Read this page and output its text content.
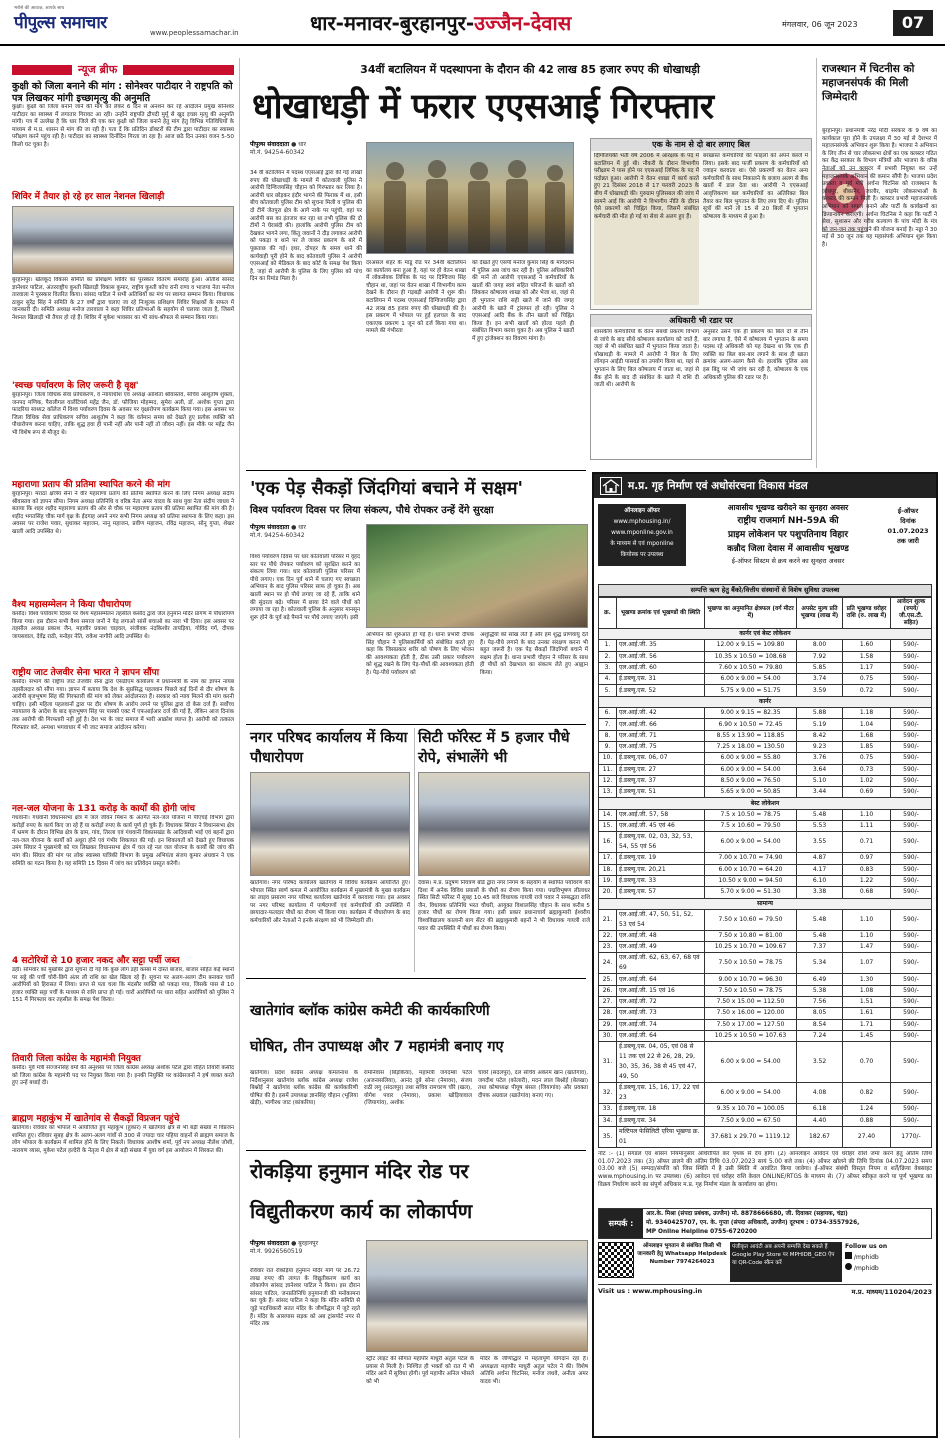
भरोसे की आवाज़, आपके साथ
पीपुल्स समाचार	www.peoplessamachar.in	धार-मनावर-बुरहानपुर-उज्जैन-देवास	मंगलवार, 06 जून 2023	07
न्यूज ब्रीफ
कुक्षी को जिला बनाने की मांग : सोनेश्वर पाटीदार ने राष्ट्रपति को पत्र लिखकर मांगी इच्छामृत्यु की अनुमति
कुक्षी। कुक्षी को जिला बनाने जाने की मांग को लेकर 6 दिन से अनशन कर रहे आंदोलन प्रमुख सोनेश्वर पाटीदार का स्वास्थ्य में लगातार गिरावट आ रही। उन्होंने राष्ट्रपति द्रौपदी मुर्मू से खुद इच्छा मृत्यु की अनुमति मांगी। पत्र में उल्लेख है कि धार जिले की एक कर कुक्षी को जिला बनाने हेतु मांग हेतु विभिन्न गतिविधियों के माध्यम से म.प्र. शासन से मांग की जा रही है। पता दें कि प्रतिदिन डॉक्टरों की टीम द्वारा पाटीदार का स्वास्थ्य परीक्षण करने पहुंच रही है। पाटीदार का स्वास्थ्य दिनोंदिन गिरता जा रहा है। आज छठे दिन उनका वजन 5-50 किलो घट चुका है।
शिविर में तैयार हो रहे हर साल नेशनल खिलाड़ी
बुरहानपुर। खेलकूद विकास समिति का प्रशिक्षण शिविर का पुरस्कार वितरण समारोह हुआ। अतिथि सांसद ज्ञानेश्वर पाटिल, अंतरराष्ट्रीय कुश्ती खिलाड़ी विकास कुमार, राष्ट्रीय कुश्ती कोच रानी राणा व भाजपा नेता मनोज तारवाला ने पुरस्कार वितरित किया। सांसद पाटिल ने सभी अतिथियों का मंच पर स्वागत सम्मान किया। विधायक ठाकुर सुरेंद्र सिंह ने समिति के 27 वर्षों द्वारा चलाए जा रहे निःशुल्क प्रशिक्षण शिविर शिक्षकों के सफल में जानकारी दी। समिति अध्यक्ष मनोज तारवाला ने कहा शिविर प्रतिभाओं के सहयोग से चलाया जाता है, जिसमें नेशनल खिलाड़ी भी तैयार हो रहे हैं। शिविर में मुकेश भावसार का भी सांध-श्रीफल से सम्मान किया गया।
'स्वच्छ पर्यावरण के लिए जरूरी है वृक्ष'
बुरहानपुर। जिला विधिक सेवा प्राधिकरण, व न्यायाधीश एवं अध्यक्ष आशिता श्रीवास्तव, सचिव आशुतोष शुक्ला, जनपद मणिक, पैरालीगल वालेंटियर्स महेंद्र जैन, डॉ. फौजिया मोहम्मद, सुमेरा अली, डॉ. अशोक गुप्ता द्वारा फादरिया साथ्य2 कॉलेज में विश्व पर्यावरण दिवस के अवसर पर वृक्षारोपण कार्यक्रम किया गया। इस अवसर पर जिला विधिक सेवा प्राधिकरण सचिव आशुतोष ने कहा कि वर्तमान समय को देखते हुए प्रत्येक व्यक्ति को पौधारोपण करना चाहिए, ताकि शुद्ध हवा ही पानी नहीं और पानी नहीं तो जीवन नहीं। इस मौके पर महेंद्र जैन भी विशेष रूप से मौजूद थे।
महाराणा प्रताप की प्रतिमा स्थापित करने की मांग
बुरहानपुर। मराठा क्षत्रिय सेना ने वीर महाराणा प्रताप की प्रतिमा स्थापित करने के लिए निगम अध्यक्ष संदीप श्रीवास्तव को ज्ञापन सौंपा। निगम अध्यक्ष प्रतिनिधि व वरिष्ठ नेता अमर यादव के साथ युवा नेता संदीप जाधव ने बताया कि शहर शहीद महाराणा प्रताप की ओर से चौक पर महाराणा प्रताप की प्रतिमा स्थापित की मांग की है। शहीद भगतसिंह चौक मार्ग वृक्ष के ईदगाह अपने नगर सभी निगम अध्यक्ष को प्रतिमा स्थापना के लिए कहा। इस अवसर पर राजेश पवार, सुधाकर महाजन, नानू महाजन, प्रवीण महाजन, रविंद्र महाजन, सोनू गुप्ता, शेखर खाली आदि उपस्थित थे।
वैश्य महासम्मेलन ने किया पौधारोपण
कसौद। विश्व पर्यावरण दिवस पर वैश्य महासम्मेलन तहसील कसौद द्वारा जेल हनुमान मंदिर प्रांगण में पौधारोपण किया गया। इस दौरान सभी वैश्य समाज जनों ने पेड़ लगाओ सांसें बचाओ का नारा भी दिया। इस अवसर पर तहसील अध्यक्ष प्रकाश जैन, महावीर प्रकाश चाइवल, संजीवक नंदकिशोर तापड़िया, गोविंद गर्ग, दीपक जायसवाल, देवेंद्र राठी, मनोहर नेति, राकेश नागौरी आदि उपस्थित थे।
राष्ट्रीय जाट तेजवीर सेना भारत ने ज्ञापन सौंपा
कसौद। संभाग की राष्ट्रीय जाट तेजवीर सेना द्वारा एसडीएम कार्यालय में प्रधानमंत्री के नाम का ज्ञापन नायब तहसीलदार को सौंपा गया। ज्ञापन में बताया कि देश के सुप्रसिद्ध पहलवान पिछले कई दिनों से दौर शोषण के आरोपी बृजभूषण सिंह की गिरफ्तारी की मांग को लेकर आंदोलनरत हैं। सरकार को न्याय मिलने की मांग करनी चाहिए। इसी महिला पहलवानों द्वारा पर दौर शोषण के आरोप लगने पर पुलिस द्वारा दो केस दर्ज हैं। सर्वोच्च न्यायालय के आदेश के बाद बृजभूषण सिंह पर पास्को एक्ट में एफआईआर दर्ज की गई है, लेकिन आज दिनांक तक आरोपी की गिरफ्तारी नहीं हुई है। देश भर के जाट समाज में भारी आक्रोश व्याप्त है। आरोपी को तत्काल गिरफ्तार करें, अन्यथा भगवाधार में भी जाट समाज आंदोलन करेगा।
नल-जल योजना के 131 करोड़ के कार्यों की होगी जांच
गंधवानी। गंधवानी विधानसभा क्षेत्र में जल जीवन मिशन के अंतर्गत नल-जल योजना में पीएचई विभाग द्वारा करोड़ों रुपए के कार्य किए जा रहे हैं या करोड़ों रुपए के कार्य पूर्ण हो चुके हैं। विधायक सिंघार ने विधानसभा क्षेत्र में भ्रमण के दौरान विभिन्न क्षेत्र के ग्राम, गांव, तिरला एवं गंधवानी विकासखंड के आदिवासी भाई एवं बहनों द्वारा नल-जल योजना के कार्यों को अधूरा होने एवं गंभीर शिकायत की गई। इन शिकायतों को देखते हुए विधायक उमंग सिंघार ने मुख्यमंत्री को पत्र लिखकर विधानसभा क्षेत्र में चल रहे नल जल योजना के कार्यों की जांच की मांग की। सिंघार की मांग पर लोक स्वास्थ्य यांत्रिकी विभाग के प्रमुख अभियंता संजय कुमार अंधवान ने एक समिति का गठन किया है। यह समिति 15 दिवस में जांच कर प्रतिवेदन प्रस्तुत करेगी।
4 सटोरियों से 10 हजार नकद और सट्टा पर्ची जब्त
डही। सोमवार को मुखबिर द्वारा सूचना दी गई कि कुछ लोग डही कस्बा में दोस्त बाजार, बाजार सहित कई स्थानों पर सट्टे की पर्ची चोरी-छिपे अंतर लौ राशि का खेल खिला रहे हैं। सूचना पर अलग-अलग टीम बनाकर चारों आरोपियों को हिरासत में लिया। प्राप्त से पता चला कि मंदसौर व्यक्ति को पकड़ा गया, जिसके पास से 10 हजार व्यक्ति सट्टा पर्ची के माध्यम से राशि प्राप्त हो गई। चारों आरोपियों पर धारा सहित आरोपियों को पुलिस ने 151 में गिरफ्तार कर तहसील के समक्ष पेश किया।
तिवारी जिला कांग्रेस के महामंत्री नियुक्त
कसौद। पूर्व मंत्री सज्जनसिंह वर्मा की अनुशंसा पर जिला कांग्रेस अध्यक्ष अशोक पटेल द्वारा रोहित तिवारी कसौद को जिला कांग्रेस के महामंत्री पद पर नियुक्त किया गया है। इनकी नियुक्ति पर कांग्रेसजनों ने हर्ष व्यक्त करते हुए उन्हें बधाई दी।
ब्राह्मण महाकुंभ में खातेगांव से सैकड़ों विप्रजन पहुंचे
खातेगांव। रविवार को भोपाल में आयोजित हुए महाकुंभ (हुंकार) में खातेगांव क्षेत्र से भी बड़ी संख्या में विप्रजन शामिल हुए। रविवार सुबह क्षेत्र के अलग-अलग गांवों से 300 से ज्यादा चार पहिया वाहनों से ब्राह्मण समाज के लोग भोपाल के कार्यक्रम में शामिल होने के लिए निकले। विधायक आशीष शर्मा, पूर्व नप अध्यक्ष नीलेश जोशी, नारायण व्यास, मुकेश पटेल हल्देरी के नेतृत्व में क्षेत्र से बड़ी संख्या में युवा वर्ग इस आयोजन में शिरकत की।
34वीं बटालियन में पदस्थापना के दौरान की 42 लाख 85 हजार रुपए की धोखाधड़ी
धोखाधड़ी में फरार एएसआई गिरफ्तार
पीपुल्स संवाददाता ● धार
मो.नं. 94254-60342
34 वीं बटालियन में पदस्थ एएसआई द्वारा की गई लाखों रुपए की धोखाधड़ी के मामले में कोतवाली पुलिस ने आरोपी दिग्विजयसिंह चौहान को गिरफ्तार कर लिया है। आरोपी धार छोड़कर इंदौर भागने की फिराक में था, इसी बीच कोतवाली पुलिस टीम को सूचना मिली व पुलिस की दो टीमें जेतपुरा क्षेत्र के आगे नाके पर पहुंची, वहां पर आरोपी बस का इंतजार कर रहा था तभी पुलिस की दो टीमों ने घेराबंदी की। हालांकि आरोपी पुलिस टीम को देखकर भागने लगा, किंतु जवानों ने दौड़ लगाकर आरोपी को पकड़ा व थाने पर ले जाकर प्रकरण के बारे में पूछताछ की गई। इधर, दोपहर के समय थाने की कार्यवाही पूरी होने के बाद कोतवाली पुलिस ने आरोपी एएसआई को मेडिकल के बाद कोर्ट के समक्ष पेश किया है, जहां से आरोपी के पुलिस के लिए पुलिस को पांच दिन का रिमांड मिला है।
दरअसल शहर के मांडू रोड पर 34वीं बटालियन का कार्यालय बना हुआ है, यहां पर हो वेतन शाखा में लोकसेवक लिपिक के पद पर दिग्विजय सिंह चौहान था, जहां पर वेतन शाखा में विभागीय काम देखने के दौरान ही गड़बड़ी आरोपी ने शुरू की। बटालियन में पदस्थ एएसआई दिग्विजयसिंह द्वारा 42 लाख 85 हजार रुपए की धोखाधड़ी की है। इस प्रकरण में भोपाल पर हुई हलचल के बाद एकाएक प्रकरण 1 जून को दर्ज किया गया था। मामले की गंभीरता
को देखते हुए एसपी मनोज कुमार सिंह के मार्गदर्शन में पुलिस अब जांच कर रही है। पुलिस अधिकारियों की मानें तो आरोपी एएसआई ने कर्मचारियों के खातों की जगह स्वयं सहित परिजनों के खातों को लिंककर कोषालय शाखा को और भेजा था, जहां से ही भुगतान राशि सही खाते में जाने की जगह आरोपी के खाते में ट्रांसफर हो रही। पुलिस ने एएसआई आदि बैंक के तीन खातों को चिह्नित किया है। इन सभी खातों को होल्ड पहले ही संबंधित विभाग करवा चुका है। अब पुलिस ने खातों में हुए ट्रांजेक्शन का विवरण मांगा है।
एक के नाम से दो बार लगाए बिल
दिग्विजयकी भर्ती वर्ष 2006 में आरक्षक के पद में बटालियन में हुई थी। नौकरी के दौरान विभागीय परीक्षाम ने पास होने पर एएसआई लिपिक के पद में पदोन्नत हुआ। आरोपी ने वेतन शाखा में कार्य करते हुए 21 दिसंबर 2018 से 17 फरवरी 2023 के बीच में धोखाधड़ी की। गुरुग्राम पुलिसबल की जांच में सामने आई कि आरोपी ने विभागीय नीति के दौरान ऐसे प्रकरणों को चिह्नित किया, जिसमें संबंधित कर्मचारी की मौत हो गई या सेवा से अलग हुए हैं।
बरखास्त कर्मचारियों की फाइलों को अपने कब्जे में लिया। इसके बाद फर्जी प्रकरण के कर्मचारियों को ज्वाइन करवाता था। ऐसे प्रकरणों का वेतन अन्य कर्मचारियों के साथ निकालने के बजाय अलग से बैंक खातों में डाल देता था। आरोपी ने एएसआई आवृत्तिकरण बल कर्मचारियों का अतिरिक्त बिल तैयार कर बिल भुगतान के लिए लगा दिए थे। पुलिस सूत्रों की मानें तो 15 से 20 बिलों में भुगतान कोषालय के माध्यम से हुआ है।
अधिकारी भी रडार पर
शासकीय कर्मचारियों के वेतन संबंधी प्रकरण विभाग से जांचे के बाद सीधे कोषालय कार्यालय को जाते हैं, जहां से भी संबंधित खाते में भुगतान किया जाता है। धोखाधड़ी के मामले में आरोपी ने बिल के लिए लॉगइन आईडी पासवर्ड का उपयोग किया था, यहां से भुगतान के लिए बिल कोषालय में जाता था, जहां से बैंक होने के बाद दी संबंधित के खाते में राशि दी जाती थी। आरोपी के
अनुसार उसने एक ही प्रकरण का बिल दो से तीन बार लगाया है, ऐसे में कोषालय में भुगतान के समय पदस्थ रहे अधिकारी को यह देखना था कि एक ही व्यक्ति का बिल बार-बार लगाने के साथ ही खाता क्रमांक अलग-अलग कैसे थे। हालांकि पुलिस अब इस बिंदु पर भी जांच कर रही है, कोषालय के एक अधिकारी पुलिस की रडार पर हैं।
राजस्थान में चिटनीस को महाजनसंपर्क की मिली जिम्मेदारी
बुरहानपुर। प्रधानमंत्री नरेंद्र मोदी सरकार के 9 वर्ष का कार्यकाल पूरा होने के उपलक्ष्य में 30 मई से देशभर में महाजनसंपर्क अभियान शुरू किया है। भाजपा ने अभियान के लिए तीन से चार लोकसभा क्षेत्रों का एक क्लस्टर गठित कर केंद्र सरकार के विभाग मंत्रियों और भाजपा के वरिष्ठ नेताओं को उन क्लस्टर में प्रभारी नियुक्त कर उन्हें महाजनसंपर्क अभियान की कमान सौंपी है। भाजपा प्रदेश प्रवक्ता व पूर्व मंत्री अर्चना चिटनिस को राजस्थान के जोधपुर, बीकानेर, जालौर, बाड़मेर लोकसभाओं के क्लस्टर की कमान मिली है। क्लस्टर प्रभारी महाजनसंपर्क अभियान को सफल बनाने और पार्टी के कार्यक्रमों का क्रियान्वयन कराएंगी। अर्चना चिटनिस ने कहा कि पार्टी ने सेवा, सुशासन और गरीब कल्याण के पांच मोदी के मंत्र को जन-जन तक पहुंचाने की योजना बनाई है। नड्डा ने 30 मई से 30 जून तक यह महासंपर्क अभियान शुरू किया है।
'एक पेड़ सैकड़ों जिंदगियां बचाने में सक्षम'
विश्व पर्यावरण दिवस पर लिया संकल्प, पौधे रोपकर उन्हें देंगे सुरक्षा
पीपुल्स संवाददाता ● धार
मो.नं. 94254-60342
विश्व पर्यावरण दिवस पर धार कोतवाली परिसर में वृहद स्तर पर पौधे रोपकर पर्यावरण को सुरक्षित करने का संकल्प लिया गया। धार कोतवाली पुलिस परिसर में पौधे लगाए। एक दिन पूर्व थाने में चलाए गए स्वच्छता अभियान के बाद पुलिस परिसर साफ हो चुका है। अब खाली स्थान पर हो पौधे लगाए जा रहे हैं, ताकि थाने की सुंदरता बढ़े। परिसर में छाया देने वाले पौधों को लगाया जा रहा है। कोतवाली पुलिस के अनुसार मानसून शुरू होने के पूर्व बड़े पैमाने पर पौधे लगाए जाएंगे। इसी
अभियान की शुरुआत हो गई है। धाना प्रभारी दीपक सिंह चौहान ने पुलिसकर्मियों को संबोधित करते हुए कहा कि जिसप्रकार शरीर को पोषण के लिए भोजन की आवश्यकता होती है, ठीक उसी प्रकार पर्यावरण को शुद्ध रखने के लिए पेड़-पौधों की आवश्यकता होती है। पेड़-पौधे पर्यावरण को
अशुद्धियों को सोख लेते हैं और हमें शुद्ध प्राणवायु देते हैं। पेड़-पौधे लगाने के बाद उनका संरक्षण करना भी बहुत जरूरी है। एक पेड़ सैकड़ों जिंदगियों बचाने में सक्षम होता है। धाना प्रभारी चौहान ने परिसर के साथ ही पौधों को देखभाल का संकल्प लेते हुए आह्वान किया।
नगर परिषद कार्यालय में किया पौधारोपण
खातेगांव। नगर परिषद कार्यालय खातेगांव में विविध कार्यक्रम आयोजित हुए। भोपाल स्थित स्वर्ण कमल में आयोजित कार्यक्रम में मुख्यमंत्री के मुख्य कार्यक्रम का लाइव प्रसारण नगर परिषद कार्यालय खातेगांव में करवाया गया। इस अवसर पर नगर परिषद कार्यालय में पार्षदगणों एवं कर्मचारियों की उपस्थिति में छायादार-फलदार पौधों का रोपण भी किया गया। कार्यक्रम में पौधारोपण के बाद कर्मचारियों और नेताओं ने इनके संरक्षण को भी जिम्मेदारी ली।
सिटी फॉरेस्ट में 5 हजार पौधे रोपे, संभालेंगे भी
देवास। म.प्र. प्रदूषण नियंत्रण बोर्ड द्वारा नगर निगम के सहयोग से स्थापित पर्यावरण की दिशा में अनेक विविध प्रयासों के पौधों का रोपण किया गया। पद्मविभूषण लीलाधर स्थित सिटी फॉरेस्ट में सुबह 10.45 बजे विधायक गायत्री राजे पवार ने सम्बद्धता राशि जैन, विधायक प्रतिनिधि भरत चौधरी, आयुक्त विशालसिंह चौहान के साथ करीब 5 हजार पौधों का रोपण किया गया। इसी प्रकार प्रधानाचार्य ब्रह्माकुमारी ईश्वरीय विश्वविद्यालय कालानी बाग सेंटर की ब्रह्माकुमारी बहनों ने भी विधायक गायत्री राजे पवार की उपस्थिति में पौधों का रोपण किया।
खातेगांव ब्लॉक कांग्रेस कमेटी की कार्यकारिणी
घोषित, तीन उपाध्यक्ष और 7 महामंत्री बनाए गए
खातेगांव। प्रदेश कांग्रेस अध्यक्ष कमलनाथ के निर्देशानुसार खातेगांव ब्लॉक कांग्रेस अध्यक्ष राजेश बिश्नोई ने खातेगांव ब्लॉक कांग्रेस की कार्यकारिणी घोषित की है। इसमें उपाध्यक्ष ज्ञानसिंह चौहान (भूलिया खेड़ी), भागीरथ जाट (कांकरिया)
रामनिवास (बिड़किया), महामंत्री जगदम्बा पटेल (अजनासलिया), आनंद दुबे सोना (नेमावर), संजय राठी लगु (संदलपुर) तथा सचिव रामचरण चौरे (खल), योगेश पवार (नेमावर), प्रकाश खोड़ियावाल (जियागांव), अशोक
चावरे (संदलपुर), दल सचिव अकरम खान (खातेगांव), जगदीश पटेल (कोलारी), मदन लाल बिश्नोई (बेलखा) तथा कोषाध्यक्ष पीयूष बंसल (जियागांव) और प्रवक्ता दीपक अग्रवाल (खातेगांव) बनाए गए।
रोकड़िया हनुमान मंदिर रोड पर
विद्युतीकरण कार्य का लोकार्पण
पीपुल्स संवाददाता ● बुरहानपुर
मो.नं. 9926560519
रविवार रात रोकड़िया हनुमान मंदिर मार्ग पर 26.72 लाख रुपए की लागत के विद्युतीकरण कार्य का लोकार्पण सांसद ज्ञानेश्वर पाटिल ने किया। इस दौरान सांसद पाटिल, जनप्रतिनिधि हनुमानजी की मनोकामना कर चुके हैं। सांसद पाटिल ने कहा कि मंदिर समिति से जुड़े पदाधिकारी सतत मंदिर के जीर्णोद्धार में जुटे रहते हैं। मंदिर के आसपास सड़क को अब ट्रांसपोर्ट नगर से मंदिर तक
स्ट्रीट लाइट की सौगात महापौर माधुरी अतुल पटेल के प्रयास से मिली है। निश्चित ही भक्तों को रात में भी मंदिर आने में सुविधा होगी। पूर्व महापौर अनिल भोसले को भी
मंदिर के जीर्णोद्धार में महत्वपूर्ण योगदान रहा है। अध्यक्षता महापौर माधुरी अतुल पटेल ने की। विशेष अतिथि अर्चना चिटनिस, मनोज लधवे, अनीता अमर यादव भी।
म.प्र. गृह निर्माण एवं अधोसंरचना विकास मंडल
ऑनलाइन ऑफर
www.mphousing.in/
www.mponline.gov.in
के माध्यम से एवं mponline
कियोस्क पर उपलब्ध
आवासीय भूखण्ड खरीदने का सुनहरा अवसर
राष्ट्रीय राजमार्ग NH-59A की
प्राइम लोकेशन पर पशुपतिनाथ विहार
कन्नौद जिला देवास में आवासीय भूखण्ड
ई-ऑफर सिस्टम से क्रय करने का सुनहरा अवसर
ई-ऑफर
दिनांक
01.07.2023
तक जारी
सम्पत्ति ऋण हेतु बैंको/वित्तीय संस्थानों से विशेष सुविधा उपलब्ध
क्र.	भूखण्ड क्रमांक एवं भूखण्डों की स्थिति	भूखण्ड का अनुमानित क्षेत्रफल (वर्ग मीटर में)	अपसेट मूल्य प्रति भूखण्ड (लाख में)	प्रति भूखण्ड धरोहर राशि (रु. लाख में)	आवेदन शुल्क (रुपये/ जी.एस.टी. सहित)
कार्नर एवं बेस्ट लोकेशन					
1.	एल.आई.जी. 35	12.00 x 9.15 = 109.80	8.00	1.60	590/-
2.	एल.आई.जी. 56	10.35 x 10.50 = 108.68	7.92	1.58	590/-
3.	एल.आई.जी. 60	7.60 x 10.50 = 79.80	5.85	1.17	590/-
4.	ई.डब्ल्यू.एस. 31	6.00 x 9.00 = 54.00	3.74	0.75	590/-
5.	ई.डब्ल्यू.एस. 52	5.75 x 9.00 = 51.75	3.59	0.72	590/-
कार्नर					
6.	एल.आई.जी. 42	9.00 x 9.15 = 82.35	5.88	1.18	590/-
7.	एल.आई.जी. 66	6.90 x 10.50 = 72.45	5.19	1.04	590/-
8.	एल.आई.जी. 71	8.55 x 13.90 = 118.85	8.42	1.68	590/-
9.	एल.आई.जी. 75	7.25 x 18.00 = 130.50	9.23	1.85	590/-
10.	ई.डब्ल्यू.एस. 06, 07	6.00 x 9.00 = 55.80	3.76	0.75	590/-
11.	ई.डब्ल्यू.एस. 27	6.00 x 9.00 = 54.00	3.64	0.73	590/-
12.	ई.डब्ल्यू.एस. 37	8.50 x 9.00 = 76.50	5.10	1.02	590/-
13.	ई.डब्ल्यू.एस. 51	5.65 x 9.00 = 50.85	3.44	0.69	590/-
बेस्ट लोकेशन					
14.	एल.आई.जी. 57, 58	7.5 x 10.50 = 78.75	5.48	1.10	590/-
15.	एल.आई.जी. 45 एवं 46	7.5 x 10.60 = 79.50	5.53	1.11	590/-
16.	ई.डब्ल्यू.एस. 02, 03, 32, 53, 54, 55 एवं 56	6.00 x 9.00 = 54.00	3.55	0.71	590/-
17.	ई.डब्ल्यू.एस. 19	7.00 x 10.70 = 74.90	4.87	0.97	590/-
18.	ई.डब्ल्यू.एस. 20,21	6.00 x 10.70 = 64.20	4.17	0.83	590/-
19.	ई.डब्ल्यू.एस. 33	10.50 x 9.00 = 94.50	6.10	1.22	590/-
20.	ई.डब्ल्यू.एस. 57	5.70 x 9.00 = 51.30	3.38	0.68	590/-
सामान्य					
21.	एल.आई.जी. 47, 50, 51, 52, 53 एवं 54	7.50 x 10.60 = 79.50	5.48	1.10	590/-
22.	एल.आई.जी. 48	7.50 x 10.80 = 81.00	5.48	1.10	590/-
23.	एल.आई.जी. 49	10.25 x 10.70 = 109.67	7.37	1.47	590/-
24.	एल.आई.जी. 62, 63, 67, 68 एवं 69	7.50 x 10.50 = 78.75	5.34	1.07	590/-
25.	एल.आई.जी. 64	9.00 x 10.70 = 96.30	6.49	1.30	590/-
26.	एल.आई.जी. 15 एवं 16	7.50 x 10.50 = 78.75	5.38	1.08	590/-
27.	एल.आई.जी. 72	7.50 x 15.00 = 112.50	7.56	1.51	590/-
28.	एल.आई.जी. 73	7.50 x 16.00 = 120.00	8.05	1.61	590/-
29.	एल.आई.जी. 74	7.50 x 17.00 = 127.50	8.54	1.71	590/-
30.	एल.आई.जी. 64	10.25 x 10.50 = 107.63	7.24	1.45	590/-
31.	ई.डब्ल्यू.एस. 04, 05, एवं 08 से 11 तक एवं 22 से 26, 28, 29, 30, 35, 36, 38 से 45 एवं 47, 49, 50	6.00 x 9.00 = 54.00	3.52	0.70	590/-
32.	ई.डब्ल्यू.एस. 15, 16, 17, 22 एवं 23	6.00 x 9.00 = 54.00	4.08	0.82	590/-
33.	ई.डब्ल्यू.एस. 18	9.35 x 10.70 = 100.05	6.18	1.24	590/-
34.	ई.डब्ल्यू.एस. 34	7.50 x 9.00 = 67.50	4.40	0.88	590/-
35.	मल्टिपल फेसिलिटी एरिया भूखण्ड क्र. 01	37.681 x 29.70 = 1119.12	182.67	27.40	1770/-
नोट :- (1) म़गडल एवं शासन नियमानुसार अधिरोपित कर पृथक से देय होंगे। (2) ऑनलाइन आवेदन एवं धरोहर राशि जमा करने हेतु अंतिम तिथि 01.07.2023 तक। (3) ऑफर डालने की अंतिम तिथि 03.07.2023 सायं 5.00 बजे तक। (4) ऑफर खोलने की तिथि दिनांक 04.07.2023 समय 03.00 बजे (5) सम्पदा/संपत्ति को जिस स्थिति में है उसी स्थिति में आवंटित किया जावेगा। ई-ऑफर संबंधी विस्तृत नियम व शर्तें/क्रिया वेबसाइट www.mphousing.in पर उपलब्ध। (6) आवेदन एवं धरोहर राशि केवल ONLINE/RTGS के माध्यम से। (7) ऑफर स्वीकृत करने या पूर्ण भूखण्ड का विक्रय निर्धारण करने का संपूर्ण अधिकार म.प्र. गृह निर्माण मंडल के कार्यालय का होगा।
सम्पर्क :
आर.के. मिश्रा (संपदा प्रबंधक, उज्जैन) मो. 8878666680, जी. दिवाकर (सहायक, चंद्रा)
मो. 9340425707, एन. के. गुप्ता (संपदा अधिकारी, उज्जैन) दूरभाष : 0734-3557926,
MP Online Helpline 0755-6720200
ऑनलाइन भुगतान से संबंधित किसी भी जानकारी हेतु Whatsapp Helpdesk Number 7974264023
पंजीकृत आवंटी अब अपनी सम्पत्ति देख सकते हैं Google Play Store पर MPHIDB_GEO ऐप या QR-Code स्कैन करें
Follow us on
/mphidb
/mphidb
Visit us : www.mphousing.in	म.प्र. माध्यम/110204/2023
